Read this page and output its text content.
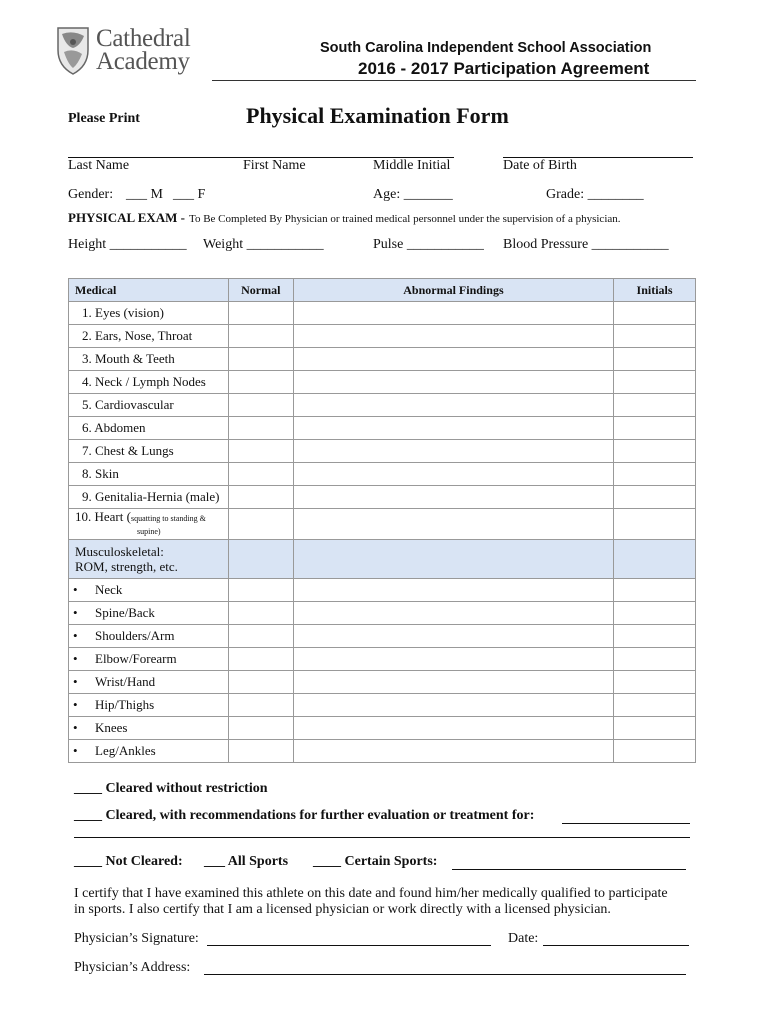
Cathedral
Academy	South Carolina Independent School Association
2016 - 2017 Participation Agreement
Please Print	Physical Examination Form
Last Name	First Name	Middle Initial	Date of Birth
Gender: ___ M ___ F	Age: _______	Grade: ________
PHYSICAL EXAM - To Be Completed By Physician or trained medical personnel under the supervision of a physician.
Height ___________ Weight ___________	Pulse ___________ Blood Pressure ___________
Medical	Normal	Abnormal Findings	Initials
1. Eyes (vision)			
2. Ears, Nose, Throat			
3. Mouth & Teeth			
4. Neck / Lymph Nodes			
5. Cardiovascular			
6. Abdomen			
7. Chest & Lungs			
8. Skin			
9. Genitalia-Hernia (male)			
10. Heart (squatting to standing &
supine)			
Musculoskeletal:
ROM, strength, etc.			
• Neck			
• Spine/Back			
• Shoulders/Arm			
• Elbow/Forearm			
• Wrist/Hand			
• Hip/Thighs			
• Knees			
• Leg/Ankles			
____ Cleared without restriction
____ Cleared, with recommendations for further evaluation or treatment for:
____ Not Cleared: ___ All Sports ____ Certain Sports:
I certify that I have examined this athlete on this date and found him/her medically qualified to participate
in sports. I also certify that I am a licensed physician or work directly with a licensed physician.
Physician’s Signature:	Date:
Physician’s Address:
